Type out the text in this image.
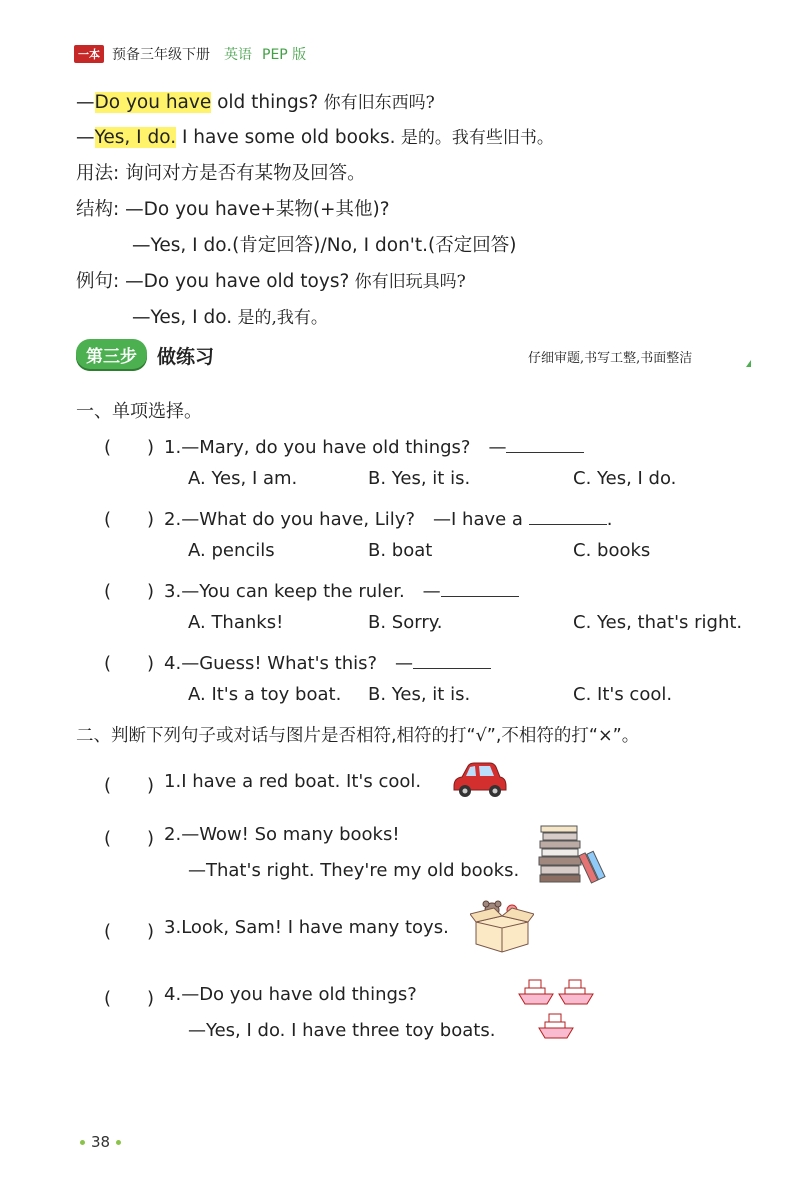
一本 预备三年级下册 英语 PEP 版
—Do you have old things? 你有旧东西吗?
—Yes, I do. I have some old books. 是的。我有些旧书。
用法: 询问对方是否有某物及回答。
结构: —Do you have+某物(+其他)?
—Yes, I do.(肯定回答)/No, I don't.(否定回答)
例句: —Do you have old toys? 你有旧玩具吗?
—Yes, I do. 是的,我有。
第三步	做练习	仔细审题,书写工整,书面整洁
一、单项选择。
(　　) 1.—Mary, do you have old things?　—
A. Yes, I am.	B. Yes, it is.	C. Yes, I do.
(　　) 2.—What do you have, Lily?　—I have a	.
A. pencils	B. boat	C. books
(　　) 3.—You can keep the ruler.　—
A. Thanks!	B. Sorry.	C. Yes, that's right.
(　　) 4.—Guess! What's this?　—
A. It's a toy boat. B. Yes, it is.	C. It's cool.
二、判断下列句子或对话与图片是否相符,相符的打“√”,不相符的打“×”。
(　　) 1.I have a red boat. It's cool.
(　　) 2.—Wow! So many books!
—That's right. They're my old books.
(　　) 3.Look, Sam! I have many toys.
(　　) 4.—Do you have old things?
—Yes, I do. I have three toy boats.
38
